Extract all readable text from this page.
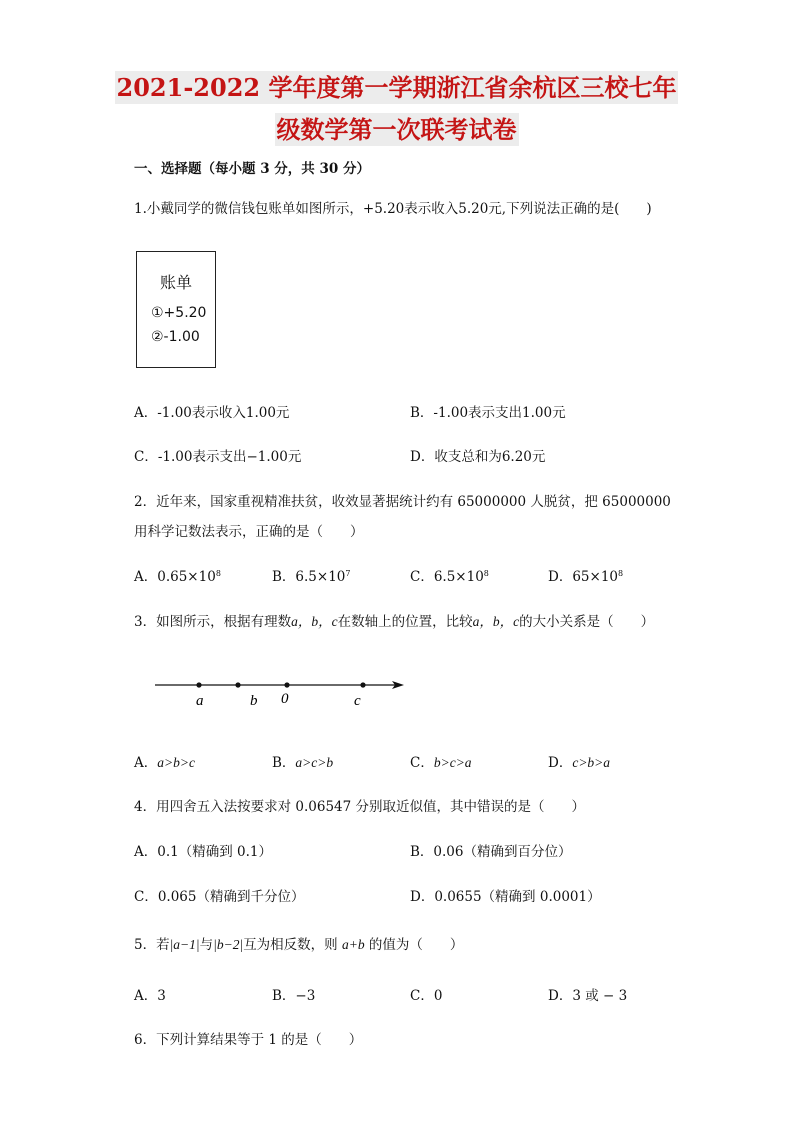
2021-2022 学年度第一学期浙江省余杭区三校七年
级数学第一次联考试卷
一、选择题（每小题 3 分，共 30 分）
1.小戴同学的微信钱包账单如图所示，+5.20表示收入5.20元,下列说法正确的是(　　)
账单
①+5.20
②-1.00
A．-1.00表示收入1.00元	B．-1.00表示支出1.00元
C．-1.00表示支出−1.00元	D．收支总和为6.20元
2．近年来，国家重视精准扶贫，收效显著据统计约有 65000000 人脱贫，把 65000000
用科学记数法表示，正确的是（　　）
A．$0.65\times 10^8$	B．$6.5\times 10^7$	C．$6.5\times 10^8$	D．$65\times 10^8$
3．如图所示，根据有理数a，b，c在数轴上的位置，比较a，b，c的大小关系是（　　）
a	b 0	c
A．a>b>c	B．a>c>b	C．b>c>a	D．c>b>a
4．用四舍五入法按要求对 0.06547 分别取近似值，其中错误的是（　　）
A．0.1（精确到 0.1）	B．0.06（精确到百分位）
C．0.065（精确到千分位）	D．0.0655（精确到 0.0001）
5．若|a−1|与|b−2|互为相反数，则 a+b 的值为（　　）
A．3	B．−3	C．0	D．3 或 − 3
6．下列计算结果等于 1 的是（　　）
